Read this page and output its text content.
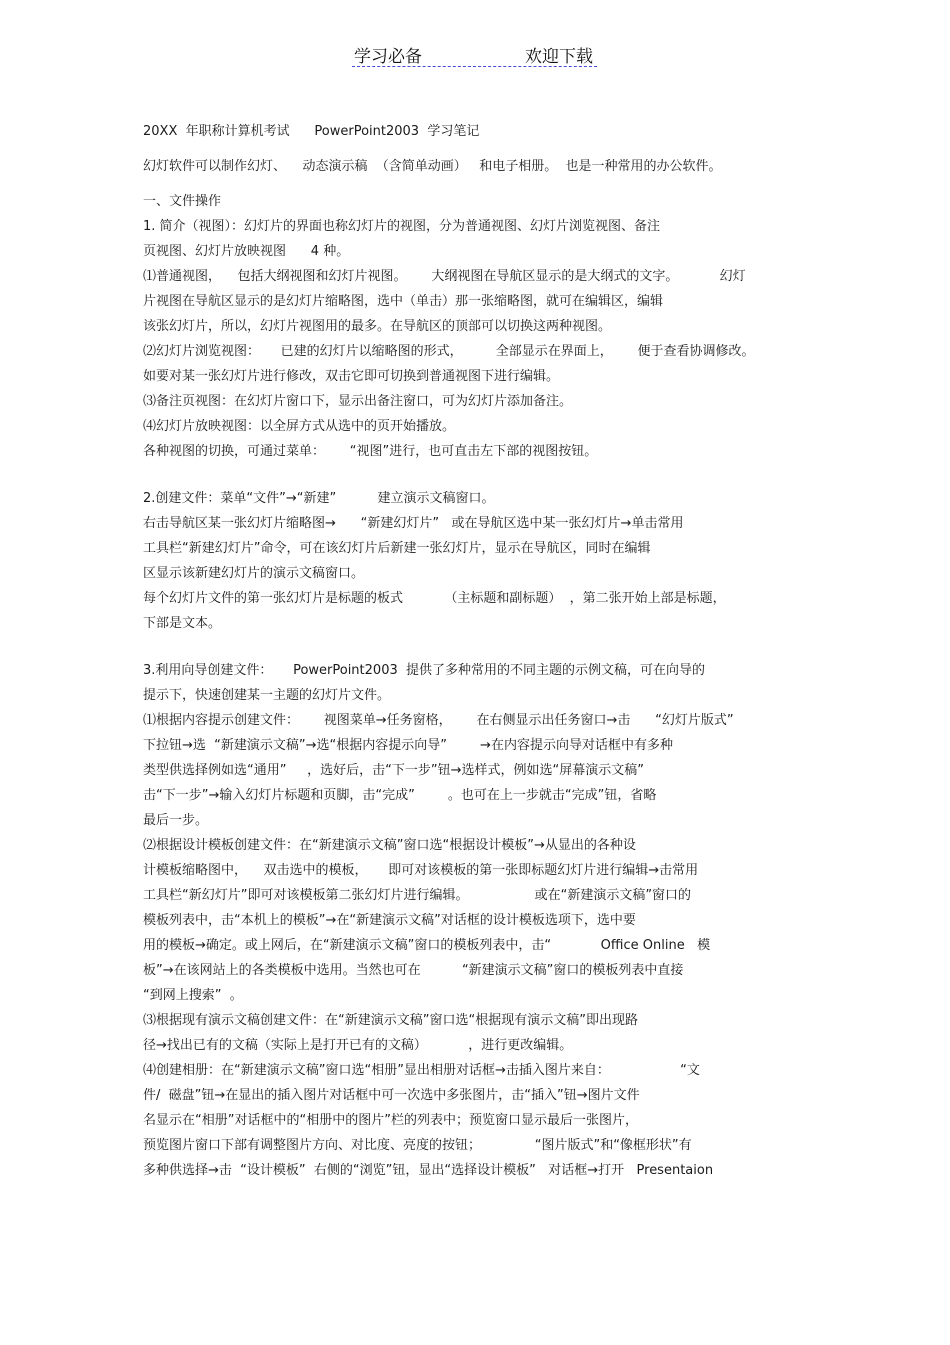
学习必备	欢迎下载
20XX  年职称计算机考试      PowerPoint2003  学习笔记
幻灯软件可以制作幻灯、    动态演示稿  （含简单动画）   和电子相册。  也是一种常用的办公软件。
一、文件操作
1. 简介（视图）：幻灯片的界面也称幻灯片的视图，分为普通视图、幻灯片浏览视图、备注
页视图、幻灯片放映视图      4 种。
⑴普通视图，    包括大纲视图和幻灯片视图。      大纲视图在导航区显示的是大纲式的文字。          幻灯
片视图在导航区显示的是幻灯片缩略图，选中（单击）那一张缩略图，就可在编辑区，编辑
该张幻灯片，所以，幻灯片视图用的最多。在导航区的顶部可以切换这两种视图。
⑵幻灯片浏览视图：     已建的幻灯片以缩略图的形式，        全部显示在界面上，      便于查看协调修改。
如要对某一张幻灯片进行修改，双击它即可切换到普通视图下进行编辑。
⑶备注页视图：在幻灯片窗口下，显示出备注窗口，可为幻灯片添加备注。
⑷幻灯片放映视图：以全屏方式从选中的页开始播放。
各种视图的切换，可通过菜单：      “视图”进行，也可直击左下部的视图按钮。
2.创建文件：菜单“文件”→“新建”          建立演示文稿窗口。
右击导航区某一张幻灯片缩略图→      “新建幻灯片”   或在导航区选中某一张幻灯片→单击常用
工具栏“新建幻灯片”命令，可在该幻灯片后新建一张幻灯片，显示在导航区，同时在编辑
区显示该新建幻灯片的演示文稿窗口。
每个幻灯片文件的第一张幻灯片是标题的板式          （主标题和副标题）  ，第二张开始上部是标题，
下部是文本。
3.利用向导创建文件：     PowerPoint2003  提供了多种常用的不同主题的示例文稿，可在向导的
提示下，快速创建某一主题的幻灯片文件。
⑴根据内容提示创建文件：      视图菜单→任务窗格，      在右侧显示出任务窗口→击      “幻灯片版式”
下拉钮→选  “新建演示文稿”→选“根据内容提示向导”        →在内容提示向导对话框中有多种
类型供选择例如选“通用”     ，选好后，击“下一步”钮→选样式，例如选“屏幕演示文稿”
击“下一步”→输入幻灯片标题和页脚，击“完成”        。也可在上一步就击“完成”钮，省略
最后一步。
⑵根据设计模板创建文件：在“新建演示文稿”窗口选“根据设计模板”→从显出的各种设
计模板缩略图中，    双击选中的模板，     即可对该模板的第一张即标题幻灯片进行编辑→击常用
工具栏“新幻灯片”即可对该模板第二张幻灯片进行编辑。                或在“新建演示文稿”窗口的
模板列表中，击“本机上的模板”→在“新建演示文稿”对话框的设计模板选项下，选中要
用的模板→确定。或上网后，在“新建演示文稿”窗口的模板列表中，击“            Office Online   模
板”→在该网站上的各类模板中选用。当然也可在          “新建演示文稿”窗口的模板列表中直接
“到网上搜索”  。
⑶根据现有演示文稿创建文件：在“新建演示文稿”窗口选“根据现有演示文稿”即出现路
径→找出已有的文稿（实际上是打开已有的文稿）          ，进行更改编辑。
⑷创建相册：在“新建演示文稿”窗口选“相册”显出相册对话框→击插入图片来自：                 “文
件/  磁盘”钮→在显出的插入图片对话框中可一次选中多张图片，击“插入”钮→图片文件
名显示在“相册”对话框中的“相册中的图片”栏的列表中；预览窗口显示最后一张图片，
预览图片窗口下部有调整图片方向、对比度、亮度的按钮；             “图片版式”和“像框形状”有
多种供选择→击  “设计模板”  右侧的“浏览”钮，显出“选择设计模板”   对话框→打开   Presentaion
